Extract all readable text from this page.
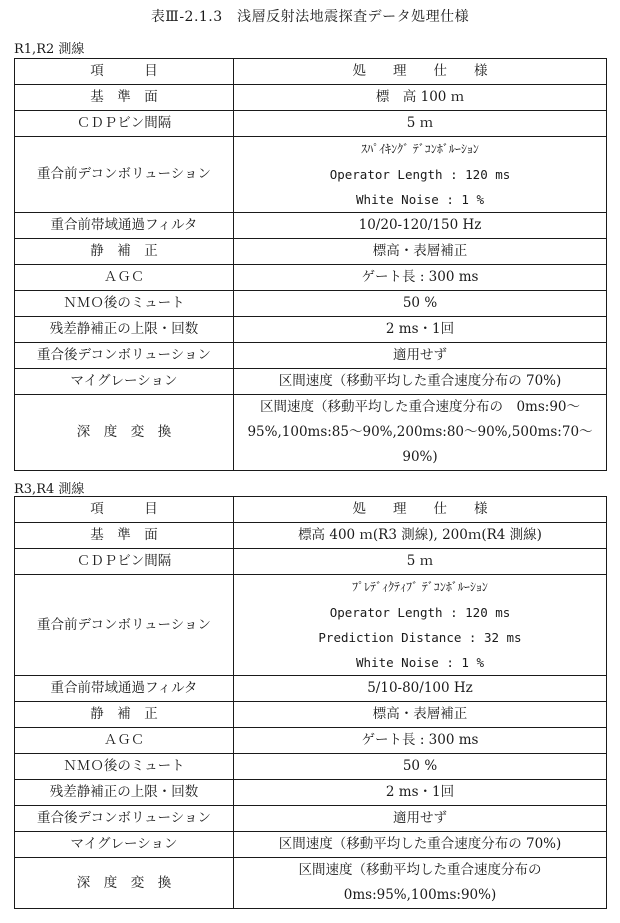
表Ⅲ-2.1.3　浅層反射法地震探査データ処理仕様
R1,R2 測線
項　　　目	処　　理　　仕　　様
基　準　面	標　高 100 ｍ
ＣＤＰビン間隔	5 ｍ
重合前デコンボリューション	ｽﾊﾟｲｷﾝｸﾞ ﾃﾞｺﾝﾎﾞﾙｰｼｮﾝ
Operator Length : 120 ms
White Noise : 1 %

重合前帯域通過フィルタ	10/20-120/150 Hz
静　補　正	標高・表層補正
ＡＧＣ	ゲート長 : 300 ms
ＮＭＯ後のミュート	50 %
残差静補正の上限・回数	2 ms・1回
重合後デコンボリューション	適用せず
マイグレーション	区間速度（移動平均した重合速度分布の 70%)
深　度　変　換	区間速度（移動平均した重合速度分布の　0ms:90～
95%,100ms:85～90%,200ms:80～90%,500ms:70～90%)
R3,R4 測線
項　　　目	処　　理　　仕　　様
基　準　面	標高 400 ｍ(R3 測線), 200ｍ(R4 測線)
ＣＤＰビン間隔	5 ｍ
重合前デコンボリューション	ﾌﾟﾚﾃﾞｨｸﾃｨﾌﾞ ﾃﾞｺﾝﾎﾞﾙｰｼｮﾝ
Operator Length : 120 ms
Prediction Distance : 32 ms
White Noise : 1 %

重合前帯域通過フィルタ	5/10-80/100 Hz
静　補　正	標高・表層補正
ＡＧＣ	ゲート長 : 300 ms
ＮＭＯ後のミュート	50 %
残差静補正の上限・回数	2 ms・1回
重合後デコンボリューション	適用せず
マイグレーション	区間速度（移動平均した重合速度分布の 70%)
深　度　変　換	区間速度（移動平均した重合速度分布の
0ms:95%,100ms:90%)
